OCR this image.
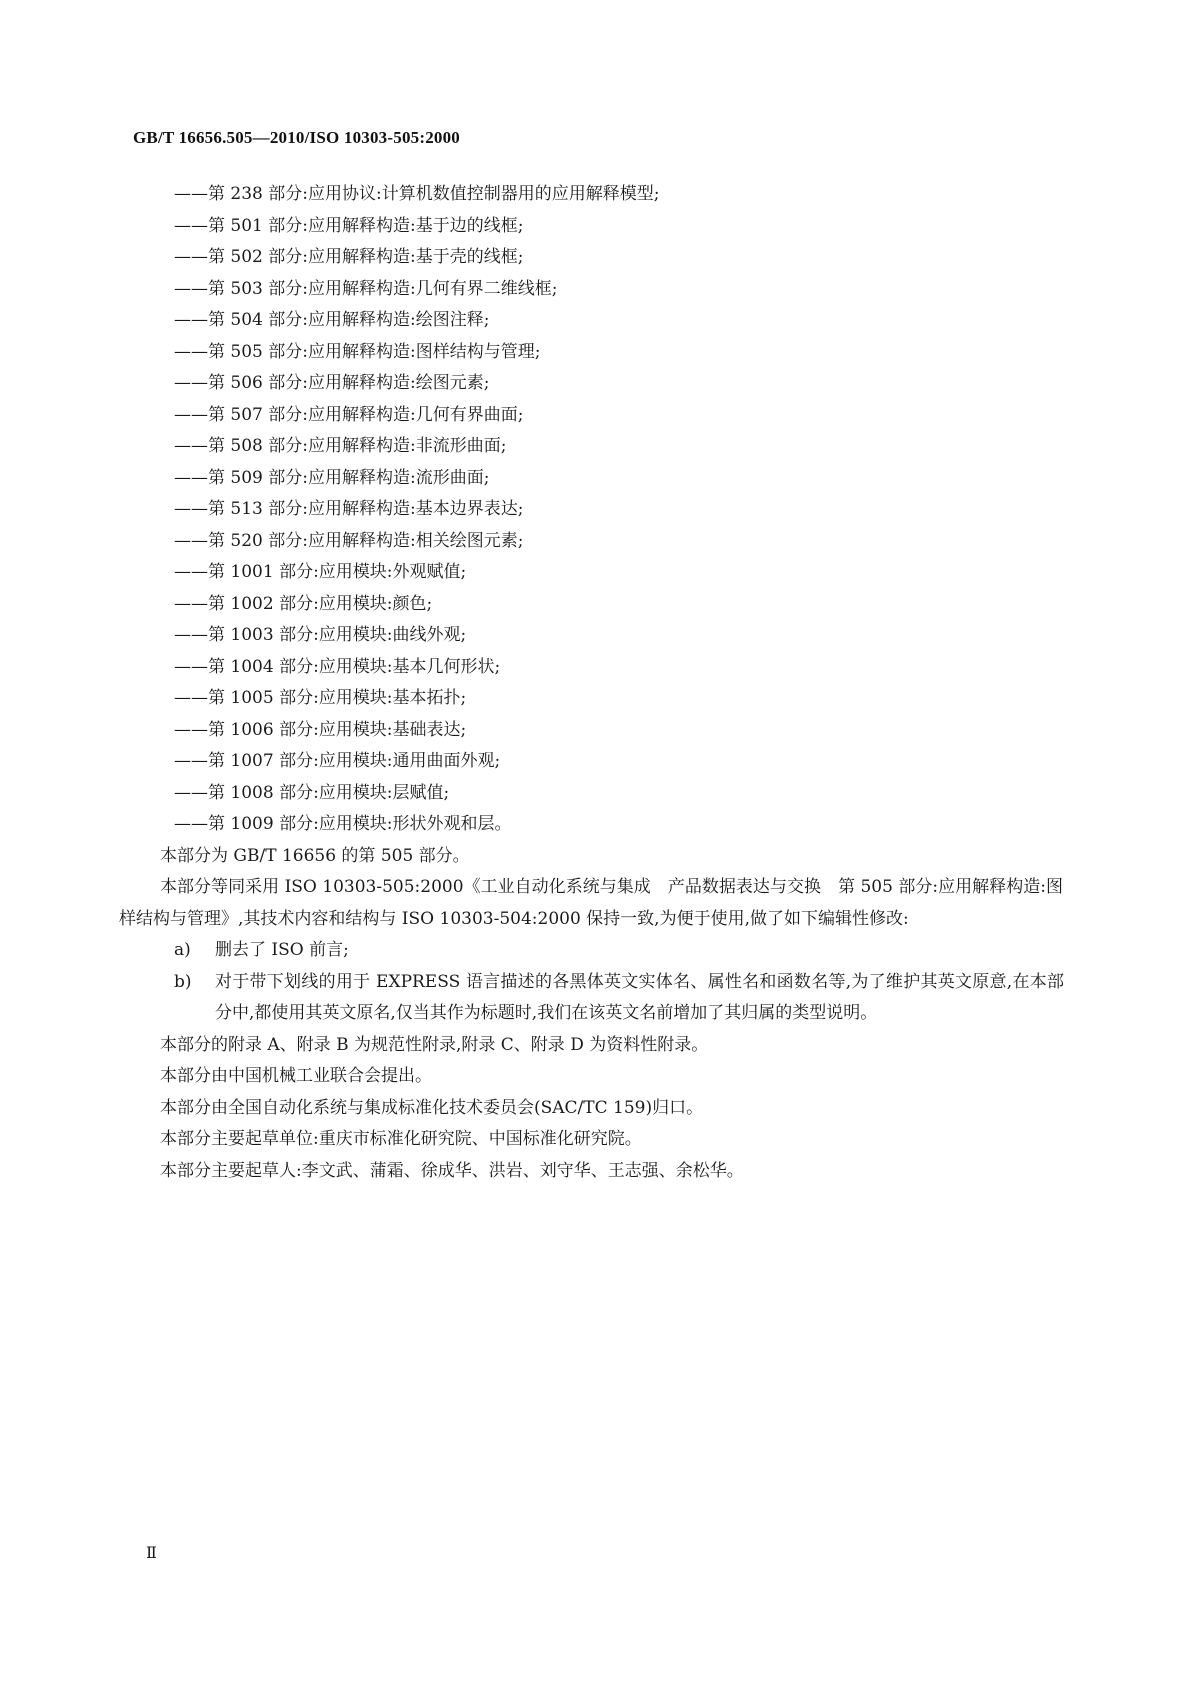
GB/T 16656.505—2010/ISO 10303-505:2000
——第 238 部分:应用协议:计算机数值控制器用的应用解释模型;
——第 501 部分:应用解释构造:基于边的线框;
——第 502 部分:应用解释构造:基于壳的线框;
——第 503 部分:应用解释构造:几何有界二维线框;
——第 504 部分:应用解释构造:绘图注释;
——第 505 部分:应用解释构造:图样结构与管理;
——第 506 部分:应用解释构造:绘图元素;
——第 507 部分:应用解释构造:几何有界曲面;
——第 508 部分:应用解释构造:非流形曲面;
——第 509 部分:应用解释构造:流形曲面;
——第 513 部分:应用解释构造:基本边界表达;
——第 520 部分:应用解释构造:相关绘图元素;
——第 1001 部分:应用模块:外观赋值;
——第 1002 部分:应用模块:颜色;
——第 1003 部分:应用模块:曲线外观;
——第 1004 部分:应用模块:基本几何形状;
——第 1005 部分:应用模块:基本拓扑;
——第 1006 部分:应用模块:基础表达;
——第 1007 部分:应用模块:通用曲面外观;
——第 1008 部分:应用模块:层赋值;
——第 1009 部分:应用模块:形状外观和层。
本部分为 GB/T 16656 的第 505 部分。
本部分等同采用 ISO 10303-505:2000《工业自动化系统与集成　产品数据表达与交换　第 505 部分:应用解释构造:图样结构与管理》,其技术内容和结构与 ISO 10303-504:2000 保持一致,为便于使用,做了如下编辑性修改:
a)	删去了 ISO 前言;
b)	对于带下划线的用于 EXPRESS 语言描述的各黑体英文实体名、属性名和函数名等,为了维护其英文原意,在本部分中,都使用其英文原名,仅当其作为标题时,我们在该英文名前增加了其归属的类型说明。
本部分的附录 A、附录 B 为规范性附录,附录 C、附录 D 为资料性附录。
本部分由中国机械工业联合会提出。
本部分由全国自动化系统与集成标准化技术委员会(SAC/TC 159)归口。
本部分主要起草单位:重庆市标准化研究院、中国标准化研究院。
本部分主要起草人:李文武、蒲霜、徐成华、洪岩、刘守华、王志强、余松华。
Ⅱ
